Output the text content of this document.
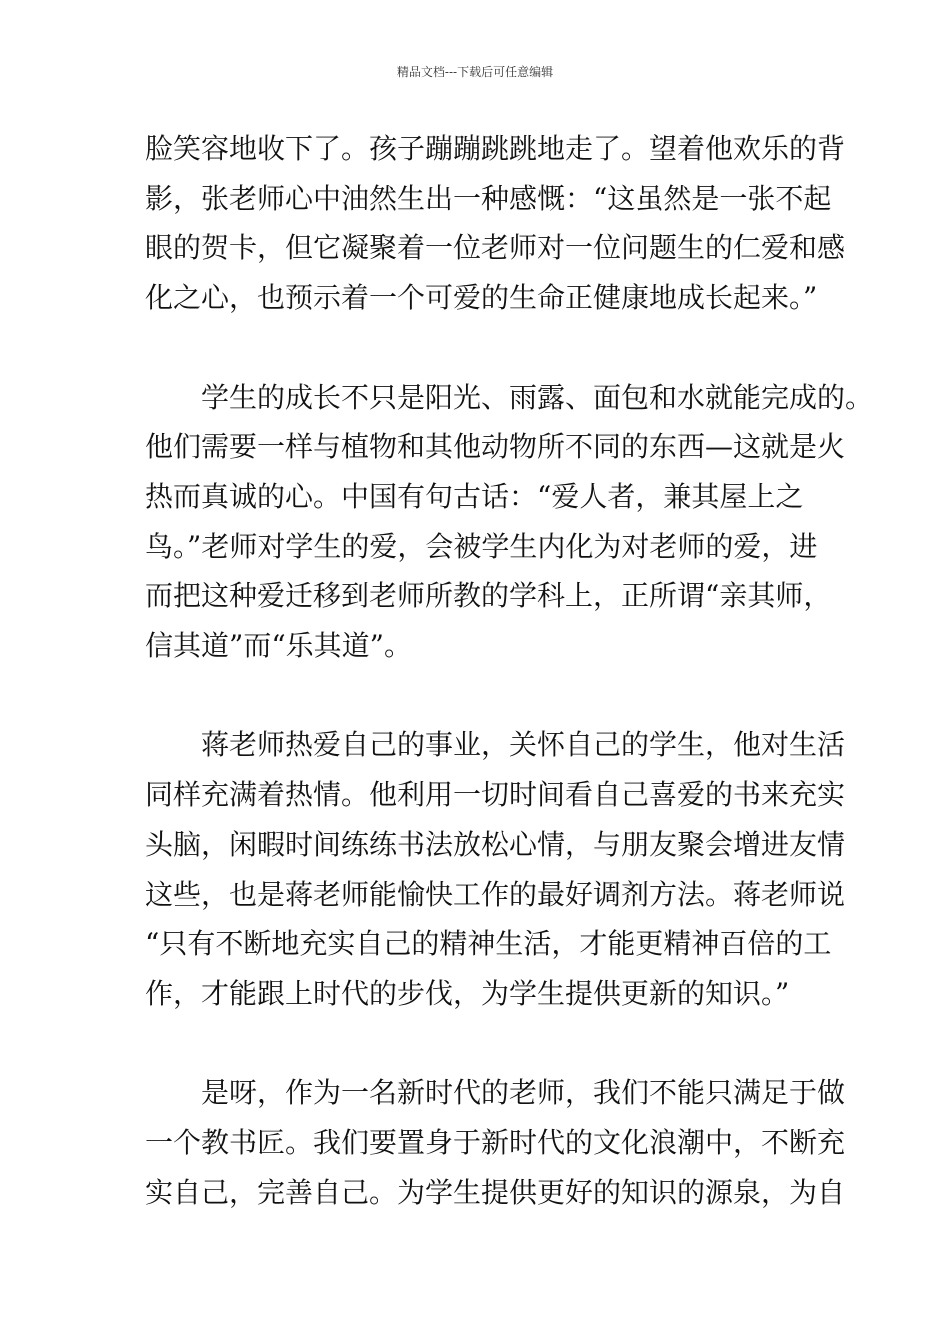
精品文档---下载后可任意编辑

脸笑容地收下了。孩子蹦蹦跳跳地走了。望着他欢乐的背
影，张老师心中油然生出一种感慨：“这虽然是一张不起
眼的贺卡，但它凝聚着一位老师对一位问题生的仁爱和感
化之心，也预示着一个可爱的生命正健康地成长起来。”

学生的成长不只是阳光、雨露、面包和水就能完成的。
他们需要一样与植物和其他动物所不同的东西—这就是火
热而真诚的心。中国有句古话：“爱人者，兼其屋上之
鸟。”老师对学生的爱，会被学生内化为对老师的爱，进
而把这种爱迁移到老师所教的学科上，正所谓“亲其师，
信其道”而“乐其道”。

蒋老师热爱自己的事业，关怀自己的学生，他对生活
同样充满着热情。他利用一切时间看自己喜爱的书来充实
头脑，闲暇时间练练书法放松心情，与朋友聚会增进友情
这些，也是蒋老师能愉快工作的最好调剂方法。蒋老师说
“只有不断地充实自己的精神生活，才能更精神百倍的工
作，才能跟上时代的步伐，为学生提供更新的知识。”

是呀，作为一名新时代的老师，我们不能只满足于做
一个教书匠。我们要置身于新时代的文化浪潮中，不断充
实自己，完善自己。为学生提供更好的知识的源泉，为自
